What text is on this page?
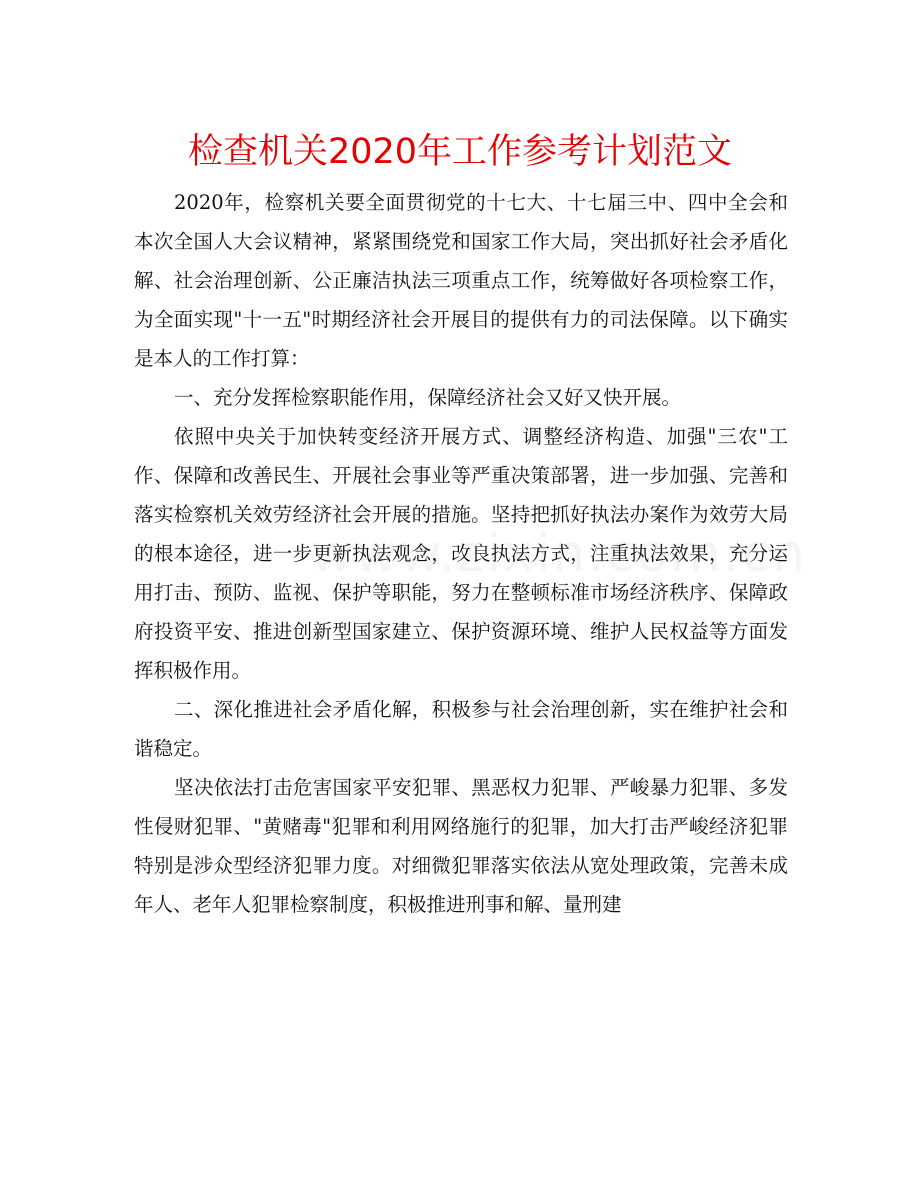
检查机关2020年工作参考计划范文

2020年，检察机关要全面贯彻党的十七大、十七届三中、四中全会和本次全国人大会议精神，紧紧围绕党和国家工作大局，突出抓好社会矛盾化解、社会治理创新、公正廉洁执法三项重点工作，统筹做好各项检察工作，为全面实现"十一五"时期经济社会开展目的提供有力的司法保障。以下确实是本人的工作打算：

一、充分发挥检察职能作用，保障经济社会又好又快开展。

依照中央关于加快转变经济开展方式、调整经济构造、加强"三农"工作、保障和改善民生、开展社会事业等严重决策部署，进一步加强、完善和落实检察机关效劳经济社会开展的措施。坚持把抓好执法办案作为效劳大局的根本途径，进一步更新执法观念，改良执法方式，注重执法效果，充分运用打击、预防、监视、保护等职能，努力在整顿标准市场经济秩序、保障政府投资平安、推进创新型国家建立、保护资源环境、维护人民权益等方面发挥积极作用。

二、深化推进社会矛盾化解，积极参与社会治理创新，实在维护社会和谐稳定。

坚决依法打击危害国家平安犯罪、黑恶权力犯罪、严峻暴力犯罪、多发性侵财犯罪、"黄赌毒"犯罪和利用网络施行的犯罪，加大打击严峻经济犯罪特别是涉众型经济犯罪力度。对细微犯罪落实依法从宽处理政策，完善未成年人、老年人犯罪检察制度，积极推进刑事和解、量刑建
